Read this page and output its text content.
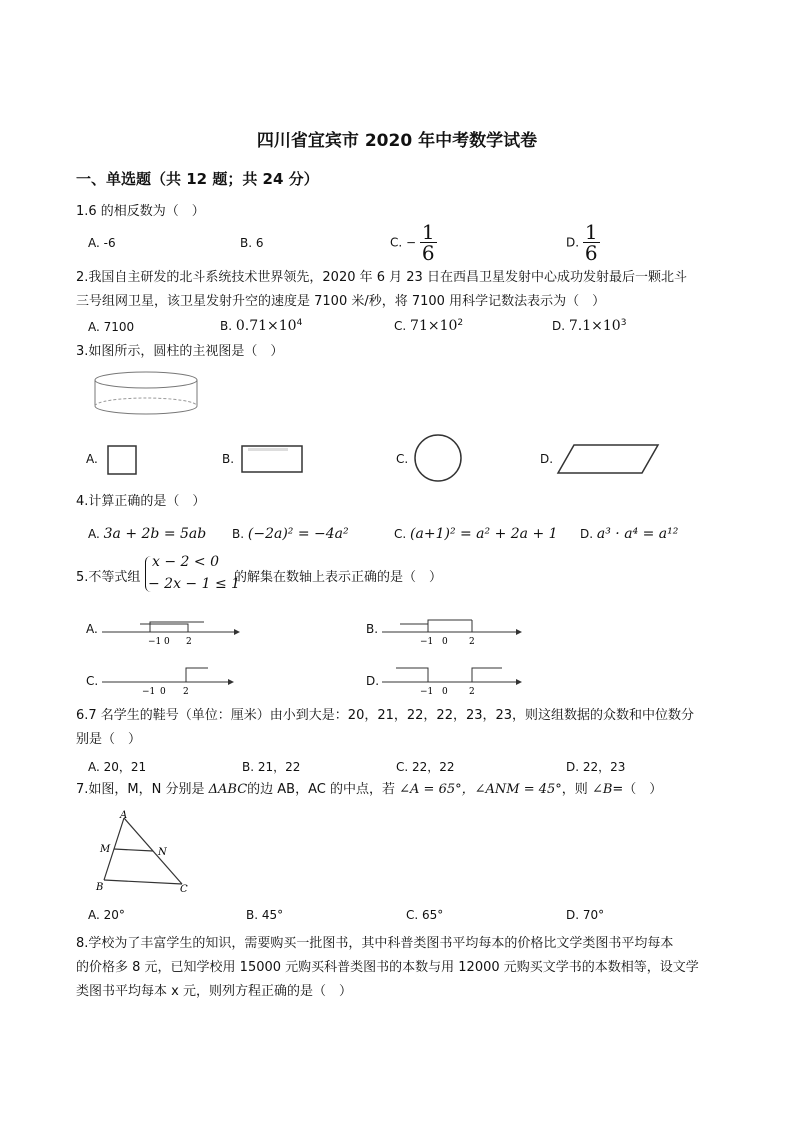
四川省宜宾市 2020 年中考数学试卷
一、单选题（共 12 题；共 24 分）
1.6 的相反数为（　）
A. -6	B. 6	C. − $\frac{1}{6}$	D. $\frac{1}{6}$
2.我国自主研发的北斗系统技术世界领先，2020 年 6 月 23 日在西昌卫星发射中心成功发射最后一颗北斗
三号组网卫星，该卫星发射升空的速度是 7100 米/秒，将 7100 用科学记数法表示为（　）
A. 7100	B. $0.71\times 10^4$	C. $71\times 10^2$	D. $7.1\times 10^3$
3.如图所示，圆柱的主视图是（　）
A.	B.	C.	D.
4.计算正确的是（　）
A. 3a + 2b = 5ab B. (−2a)² = −4a²	C. (a+1)² = a² + 2a + 1 D. a³ · a⁴ = a¹²
5.不等式组
x − 2 < 0
− 2x − 1 ≤ 1
的解集在数轴上表示正确的是（　）
A.
−1 0 2
B.
−1 0 2
C.
−1 0 2
D.
−1 0 2
6.7 名学生的鞋号（单位：厘米）由小到大是：20，21，22，22，23，23，则这组数据的众数和中位数分
别是（　）
A. 20，21	B. 21，22	C. 22，22	D. 22，23
7.如图，M，N 分别是 ΔABC的边 AB，AC 的中点，若 ∠A = 65°，∠ANM = 45°，则 ∠B=（　）
A
B	C
M	N
A. 20°	B. 45°	C. 65°	D. 70°
8.学校为了丰富学生的知识，需要购买一批图书，其中科普类图书平均每本的价格比文学类图书平均每本
的价格多 8 元，已知学校用 15000 元购买科普类图书的本数与用 12000 元购买文学书的本数相等，设文学
类图书平均每本 x 元，则列方程正确的是（　）
